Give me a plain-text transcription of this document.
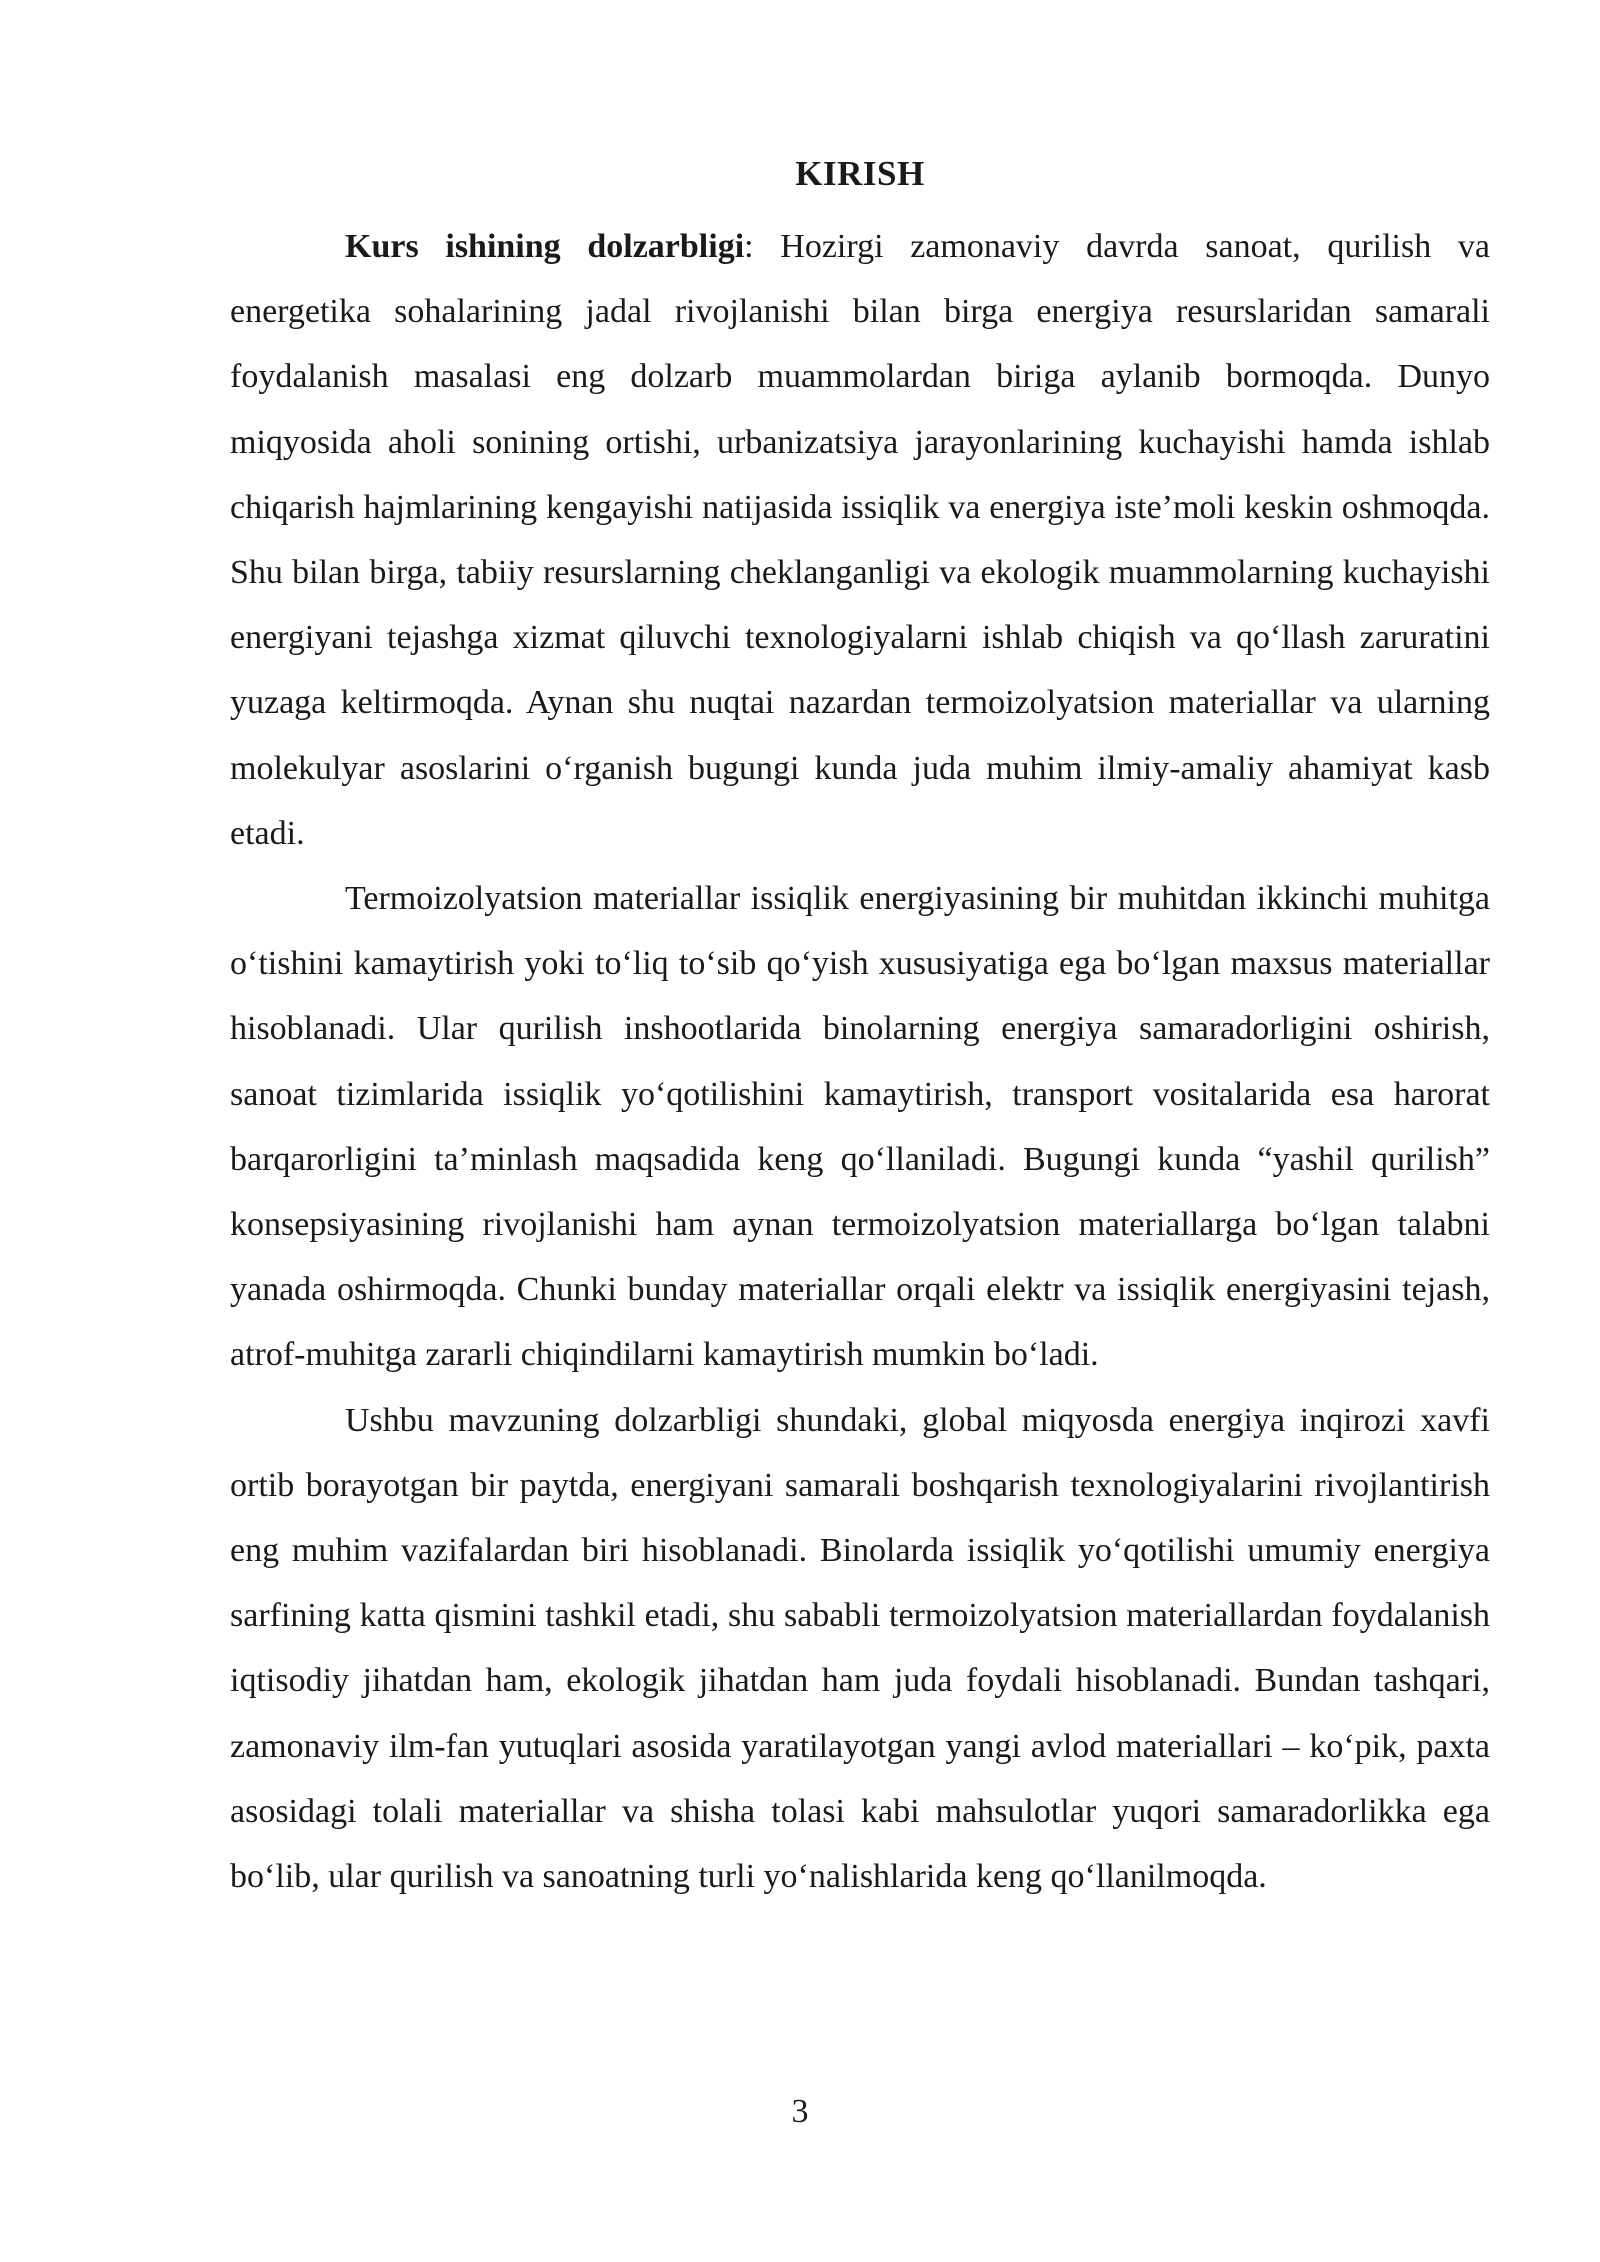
KIRISH

Kurs ishining dolzarbligi: Hozirgi zamonaviy davrda sanoat, qurilish va energetika sohalarining jadal rivojlanishi bilan birga energiya resurslaridan samarali foydalanish masalasi eng dolzarb muammolardan biriga aylanib bormoqda. Dunyo miqyosida aholi sonining ortishi, urbanizatsiya jarayonlarining kuchayishi hamda ishlab chiqarish hajmlarining kengayishi natijasida issiqlik va energiya iste’moli keskin oshmoqda. Shu bilan birga, tabiiy resurslarning cheklanganligi va ekologik muammolarning kuchayishi energiyani tejashga xizmat qiluvchi texnologiyalarni ishlab chiqish va qo‘llash zaruratini yuzaga keltirmoqda. Aynan shu nuqtai nazardan termoizolyatsion materiallar va ularning molekulyar asoslarini o‘rganish bugungi kunda juda muhim ilmiy-amaliy ahamiyat kasb etadi.

Termoizolyatsion materiallar issiqlik energiyasining bir muhitdan ikkinchi muhitga o‘tishini kamaytirish yoki to‘liq to‘sib qo‘yish xususiyatiga ega bo‘lgan maxsus materiallar hisoblanadi. Ular qurilish inshootlarida binolarning energiya samaradorligini oshirish, sanoat tizimlarida issiqlik yo‘qotilishini kamaytirish, transport vositalarida esa harorat barqarorligini ta’minlash maqsadida keng qo‘llaniladi. Bugungi kunda “yashil qurilish” konsepsiyasining rivojlanishi ham aynan termoizolyatsion materiallarga bo‘lgan talabni yanada oshirmoqda. Chunki bunday materiallar orqali elektr va issiqlik energiyasini tejash, atrof-muhitga zararli chiqindilarni kamaytirish mumkin bo‘ladi.

Ushbu mavzuning dolzarbligi shundaki, global miqyosda energiya inqirozi xavfi ortib borayotgan bir paytda, energiyani samarali boshqarish texnologiyalarini rivojlantirish eng muhim vazifalardan biri hisoblanadi. Binolarda issiqlik yo‘qotilishi umumiy energiya sarfining katta qismini tashkil etadi, shu sababli termoizolyatsion materiallardan foydalanish iqtisodiy jihatdan ham, ekologik jihatdan ham juda foydali hisoblanadi. Bundan tashqari, zamonaviy ilm-fan yutuqlari asosida yaratilayotgan yangi avlod materiallari – ko‘pik, paxta asosidagi tolali materiallar va shisha tolasi kabi mahsulotlar yuqori samaradorlikka ega bo‘lib, ular qurilish va sanoatning turli yo‘nalishlarida keng qo‘llanilmoqda.

3
